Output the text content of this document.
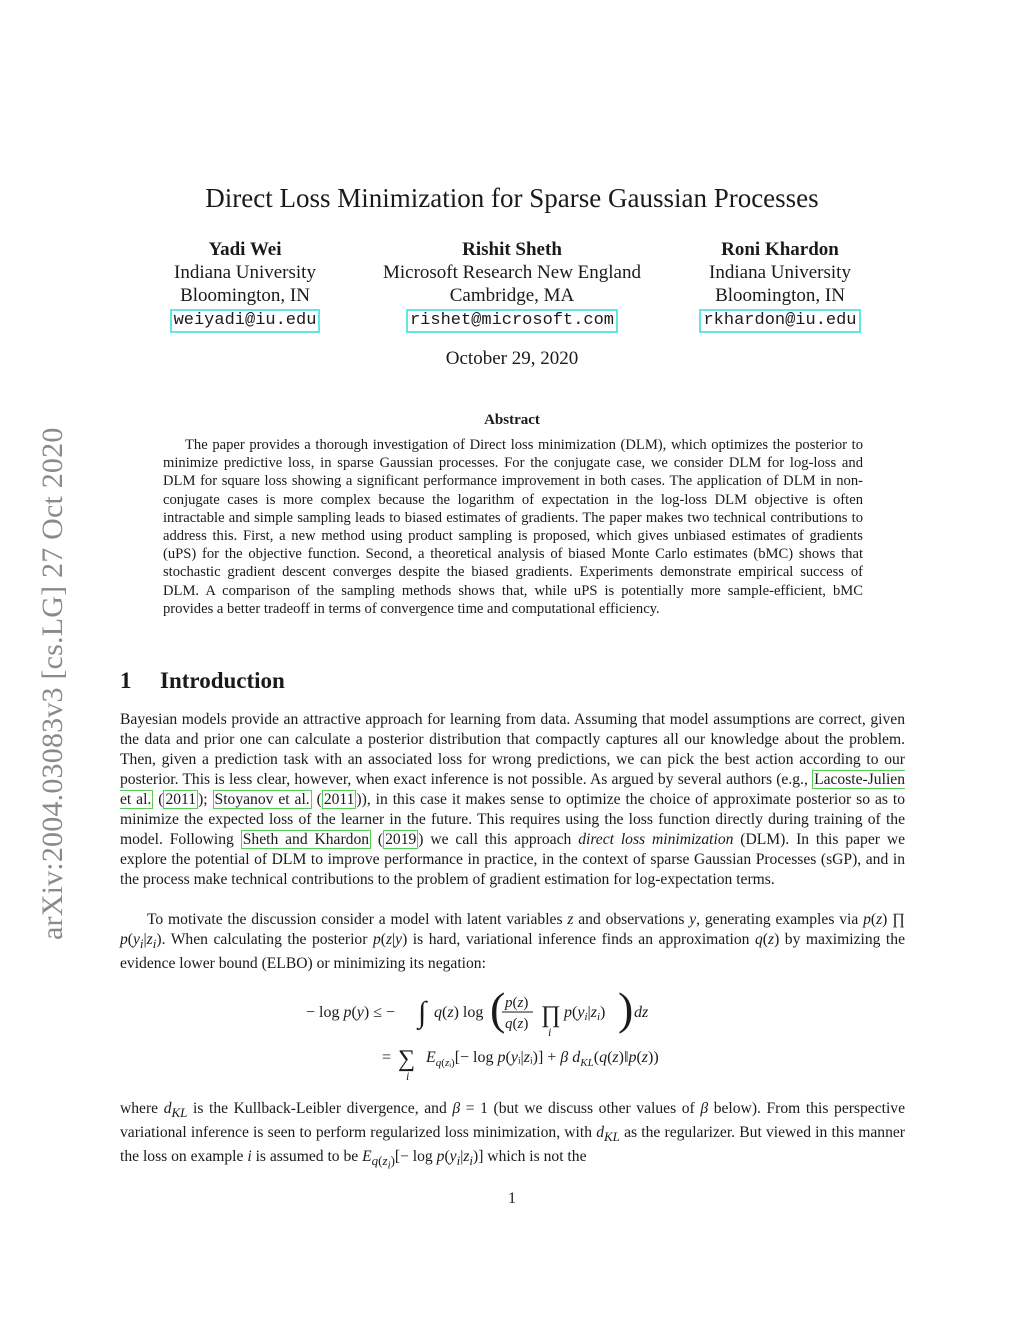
arXiv:2004.03083v3 [cs.LG] 27 Oct 2020
Direct Loss Minimization for Sparse Gaussian Processes
Yadi Wei
Indiana University
Bloomington, IN
weiyadi@iu.edu
Rishit Sheth
Microsoft Research New England
Cambridge, MA
rishet@microsoft.com
Roni Khardon
Indiana University
Bloomington, IN
rkhardon@iu.edu
October 29, 2020
Abstract

The paper provides a thorough investigation of Direct loss minimization (DLM), which optimizes the posterior to minimize predictive loss, in sparse Gaussian processes. For the conjugate case, we consider DLM for log-loss and DLM for square loss showing a significant performance improvement in both cases. The application of DLM in non-conjugate cases is more complex because the logarithm of expectation in the log-loss DLM objective is often intractable and simple sampling leads to biased estimates of gradients. The paper makes two technical contributions to address this. First, a new method using product sampling is proposed, which gives unbiased estimates of gradients (uPS) for the objective function. Second, a theoretical analysis of biased Monte Carlo estimates (bMC) shows that stochastic gradient descent converges despite the biased gradients. Experiments demonstrate empirical success of DLM. A comparison of the sampling methods shows that, while uPS is potentially more sample-efficient, bMC provides a better tradeoff in terms of convergence time and computational efficiency.

1 Introduction

Bayesian models provide an attractive approach for learning from data. Assuming that model assumptions are correct, given the data and prior one can calculate a posterior distribution that compactly captures all our knowledge about the problem. Then, given a prediction task with an associated loss for wrong predictions, we can pick the best action according to our posterior. This is less clear, however, when exact inference is not possible. As argued by several authors (e.g., Lacoste-Julien et al. ( 2011 ); Stoyanov et al. ( 2011 )), in this case it makes sense to optimize the choice of approximate posterior so as to minimize the expected loss of the learner in the future. This requires using the loss function directly during training of the model. Following Sheth and Khardon ( 2019 ) we call this approach direct loss minimization (DLM). In this paper we explore the potential of DLM to improve performance in practice, in the context of sparse Gaussian Processes (sGP), and in the process make technical contributions to the problem of gradient estimation for log-expectation terms.

To motivate the discussion consider a model with latent variables z and observations y, generating examples via p(z) ∏ $p(y_i|z_i)$. When calculating the posterior p(z|y) is hard, variational inference finds an approximation q(z) by maximizing the evidence lower bound (ELBO) or minimizing its negation:

− log p(y) ≤ − ∫ q(z) log ( p(z)
q(z) ∏
i
p(yi|zi) ) dz
= ∑
i
$E_{q(zᵢ)}[- \log$ p(yᵢ|zᵢ)] + β $d_{KL}(q(z)‖p(z))$

where $d_{KL}$ is the Kullback-Leibler divergence, and β = 1 (but we discuss other values of β below). From this perspective variational inference is seen to perform regularized loss minimization, with $d_{KL}$ as the regularizer. But viewed in this manner the loss on example i is assumed to be $E_{q(z_i)}[- \log p(y_i|z_i)]$ which is not the

1
